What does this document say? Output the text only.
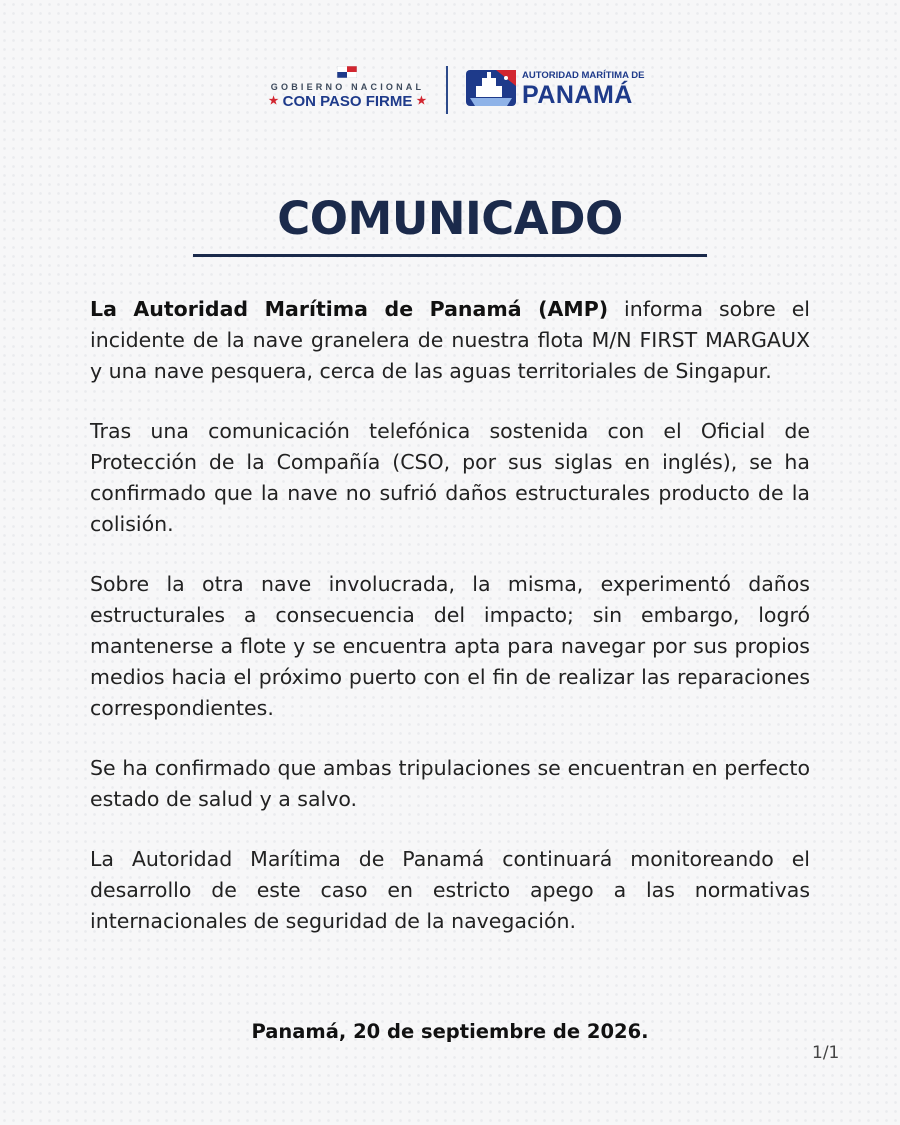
GOBIERNO NACIONAL
★ CON PASO FIRME ★
AUTORIDAD MARÍTIMA DE
PANAMÁ
COMUNICADO

La Autoridad Marítima de Panamá (AMP) informa sobre el incidente de la nave granelera de nuestra flota M/N FIRST MARGAUX y una nave pesquera, cerca de las aguas territoriales de Singapur.

Tras una comunicación telefónica sostenida con el Oficial de Protección de la Compañía (CSO, por sus siglas en inglés), se ha confirmado que la nave no sufrió daños estructurales producto de la colisión.

Sobre la otra nave involucrada, la misma, experimentó daños estructurales a consecuencia del impacto; sin embargo, logró mantenerse a flote y se encuentra apta para navegar por sus propios medios hacia el próximo puerto con el fin de realizar las reparaciones correspondientes.

Se ha confirmado que ambas tripulaciones se encuentran en perfecto estado de salud y a salvo.

La Autoridad Marítima de Panamá continuará monitoreando el desarrollo de este caso en estricto apego a las normativas internacionales de seguridad de la navegación.

Panamá, 20 de septiembre de 2026.
1/1
